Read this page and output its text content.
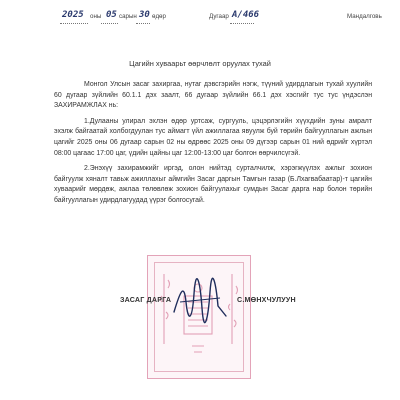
2025 оны 05 сарын 30 өдөр	Дугаар А/466	Мандалговь
Цагийн хуваарьт өөрчлөлт оруулах тухай

Монгол Улсын засаг захиргаа, нутаг дэвсгэрийн нэгж, түүний удирдлагын тухай хуулийн 60 дугаар зүйлийн 60.1.1 дэх заалт, 66 дугаар зүйлийн 66.1 дэх хэсгийг тус тус үндэслэн ЗАХИРАМЖЛАХ нь:

1.Дулааны улирал эхлэн өдөр уртсаж, сургууль, цэцэрлэгийн хүүхдийн зуны амралт эхэлж байгаатай холбогдуулан тус аймагт үйл ажиллагаа явуулж буй төрийн байгууллагын ажлын цагийг 2025 оны 06 дугаар сарын 02 ны өдрөөс 2025 оны 09 дүгээр сарын 01 ний өдрийг хүртэл 08:00 цагаас 17:00 цаг, үдийн цайны цаг 12:00-13:00 цаг болгон өөрчилсүгэй.

2.Энэхүү захирамжийг иргэд, олон нийтэд сурталчилж, хэрэгжүүлэх ажлыг зохион байгуулж хяналт тавьж ажиллахыг аймгийн Засаг даргын Тамгын газар (Б.Лхагвабаатар)-т цагийн хуваарийг мөрдөж, ажлаа төлөвлөж зохион байгуулахыг сумдын Засаг дарга нар болон төрийн байгууллагын удирдлагуудад үүрэг болгосугай.

ЗАСАГ ДАРГА	С.МӨНХЧУЛУУН
